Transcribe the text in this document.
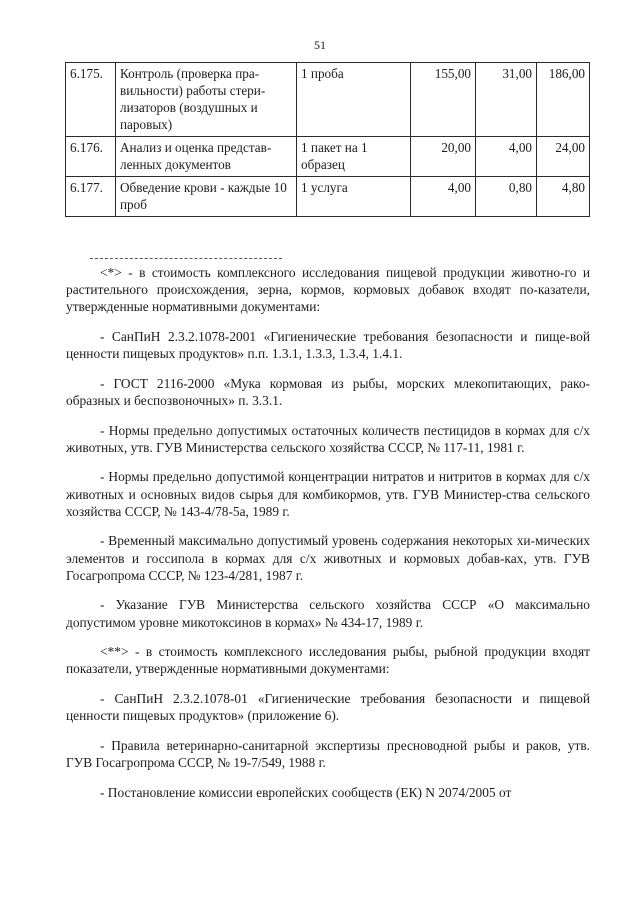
51
6.175.	Контроль (проверка пра-вильности) работы стери-лизаторов (воздушных и паровых)	1 проба	155,00	31,00	186,00
6.176.	Анализ и оценка представ-ленных документов	1 пакет на 1 образец	20,00	4,00	24,00
6.177.	Обведение крови - каждые 10 проб	1 услуга	4,00	0,80	4,80

<*> - в стоимость комплексного исследования пищевой продукции животно-го и растительного происхождения, зерна, кормов, кормовых добавок входят по-казатели, утвержденные нормативными документами:

- СанПиН 2.3.2.1078-2001 «Гигиенические требования безопасности и пище-вой ценности пищевых продуктов» п.п. 1.3.1, 1.3.3, 1.3.4, 1.4.1.

- ГОСТ 2116-2000 «Мука кормовая из рыбы, морских млекопитающих, рако-образных и беспозвоночных» п. 3.3.1.

- Нормы предельно допустимых остаточных количеств пестицидов в кормах для с/х животных, утв. ГУВ Министерства сельского хозяйства СССР, № 117-11, 1981 г.

- Нормы предельно допустимой концентрации нитратов и нитритов в кормах для с/х животных и основных видов сырья для комбикормов, утв. ГУВ Министер-ства сельского хозяйства СССР, № 143-4/78-5а, 1989 г.

- Временный максимально допустимый уровень содержания некоторых хи-мических элементов и госсипола в кормах для с/х животных и кормовых добав-ках, утв. ГУВ Госагропрома СССР, № 123-4/281, 1987 г.

- Указание ГУВ Министерства сельского хозяйства СССР «О максимально допустимом уровне микотоксинов в кормах» № 434-17, 1989 г.

<**> - в стоимость комплексного исследования рыбы, рыбной продукции входят показатели, утвержденные нормативными документами:

- СанПиН 2.3.2.1078-01 «Гигиенические требования безопасности и пищевой ценности пищевых продуктов» (приложение 6).

- Правила ветеринарно-санитарной экспертизы пресноводной рыбы и раков, утв. ГУВ Госагропрома СССР, № 19-7/549, 1988 г.

- Постановление комиссии европейских сообществ (ЕК) N 2074/2005 от
